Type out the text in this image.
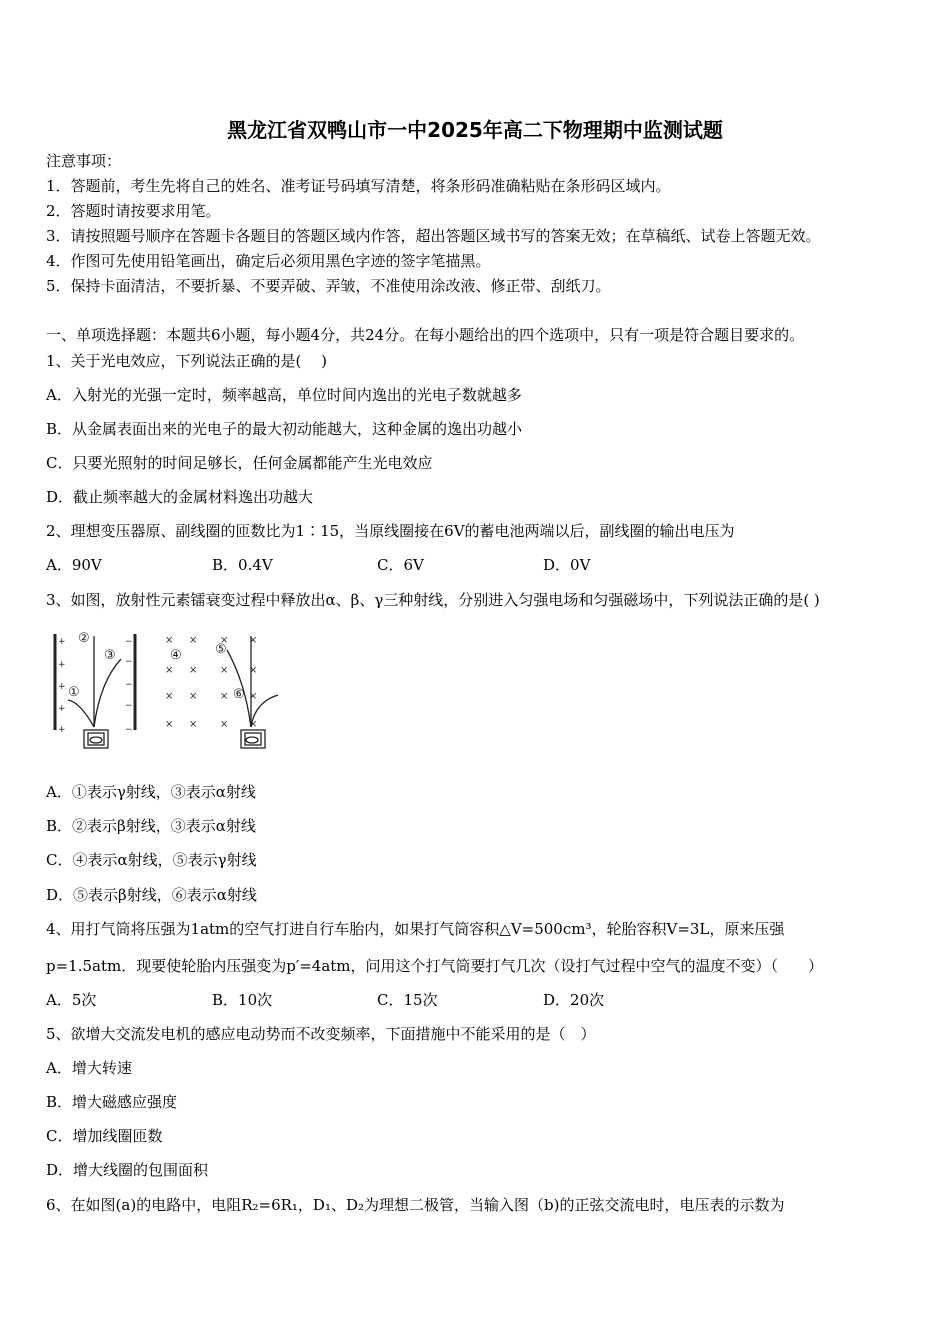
黑龙江省双鸭山市一中2025年高二下物理期中监测试题
注意事项：
1．答题前，考生先将自己的姓名、准考证号码填写清楚，将条形码准确粘贴在条形码区域内。
2．答题时请按要求用笔。
3．请按照题号顺序在答题卡各题目的答题区域内作答，超出答题区域书写的答案无效；在草稿纸、试卷上答题无效。
4．作图可先使用铅笔画出，确定后必须用黑色字迹的签字笔描黑。
5．保持卡面清洁，不要折暴、不要弄破、弄皱，不准使用涂改液、修正带、刮纸刀。
一、单项选择题：本题共6小题，每小题4分，共24分。在每小题给出的四个选项中，只有一项是符合题目要求的。
1、关于光电效应，下列说法正确的是(　 )
A．入射光的光强一定时，频率越高，单位时间内逸出的光电子数就越多
B．从金属表面出来的光电子的最大初动能越大，这种金属的逸出功越小
C．只要光照射的时间足够长，任何金属都能产生光电效应
D．截止频率越大的金属材料逸出功越大
2、理想变压器原、副线圈的匝数比为1∶15，当原线圈接在6V的蓄电池两端以后，副线圈的输出电压为
A．90V	B．0.4V	C．6V	D．0V
3、如图，放射性元素镭衰变过程中释放出α、β、γ三种射线，分别进入匀强电场和匀强磁场中，下列说法正确的是( )
+
+
+
+
+
−
−
−
−
−
× × × ×
× × × ×
× × × ×
× × × ×
①
②
③	④	⑤
⑥
A．①表示γ射线，③表示α射线
B．②表示β射线，③表示α射线
C．④表示α射线，⑤表示γ射线
D．⑤表示β射线，⑥表示α射线
4、用打气筒将压强为1atm的空气打进自行车胎内，如果打气筒容积△V=500cm³，轮胎容积V=3L，原来压强
p=1.5atm．现要使轮胎内压强变为p′=4atm，问用这个打气筒要打气几次（设打气过程中空气的温度不变）（　　）
A．5次	B．10次	C．15次	D．20次
5、欲增大交流发电机的感应电动势而不改变频率，下面措施中不能采用的是（　）
A．增大转速
B．增大磁感应强度
C．增加线圈匝数
D．增大线圈的包围面积
6、在如图(a)的电路中，电阻R₂=6R₁，D₁、D₂为理想二极管，当输入图（b)的正弦交流电时，电压表的示数为
